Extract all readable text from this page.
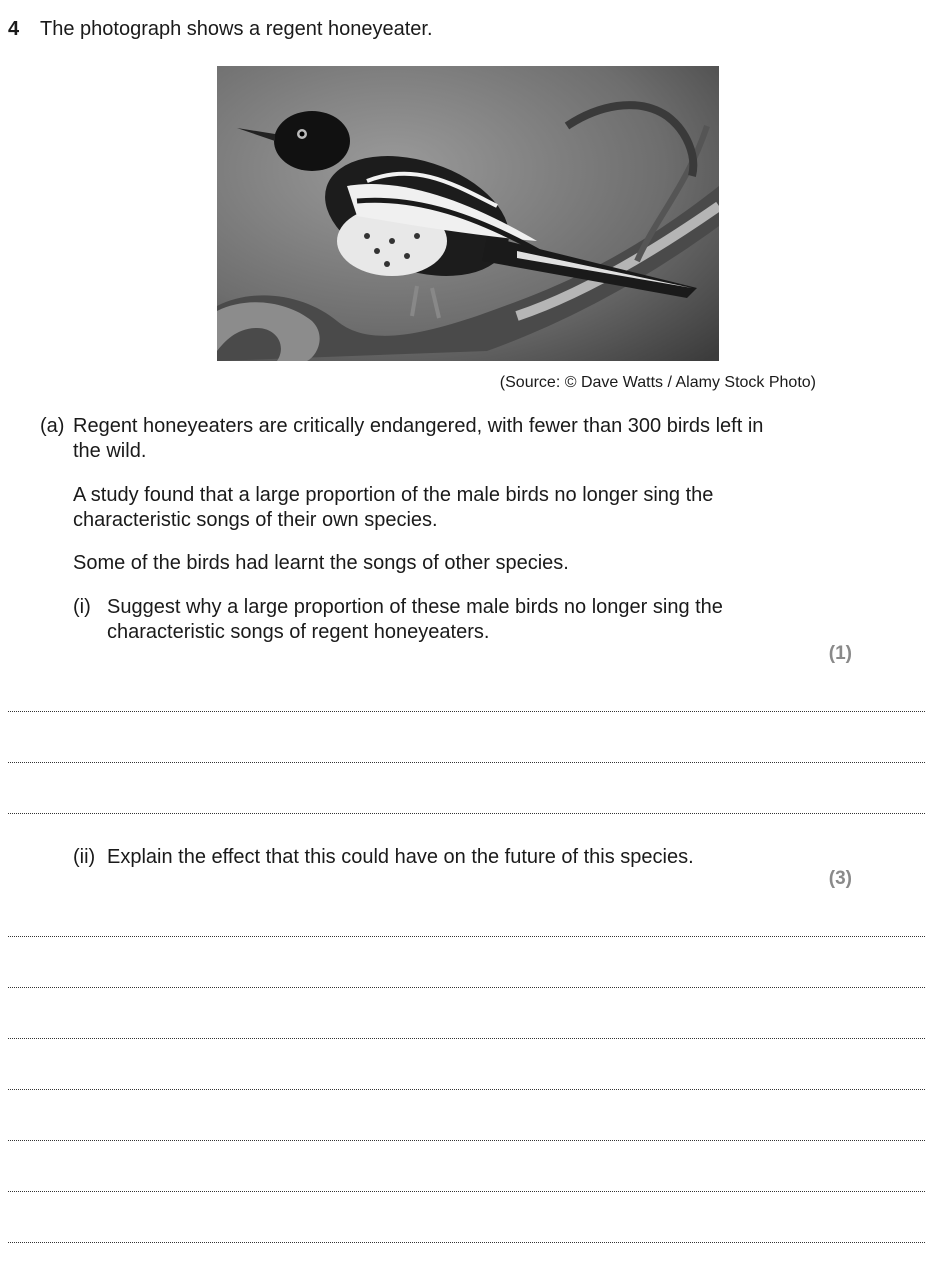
4 The photograph shows a regent honeyeater.
(Source: © Dave Watts / Alamy Stock Photo)
(a) Regent honeyeaters are critically endangered, with fewer than 300 birds left in the wild.
A study found that a large proportion of the male birds no longer sing the characteristic songs of their own species.
Some of the birds had learnt the songs of other species.
(i) Suggest why a large proportion of these male birds no longer sing the characteristic songs of regent honeyeaters.
(1)
(ii) Explain the effect that this could have on the future of this species.
(3)
